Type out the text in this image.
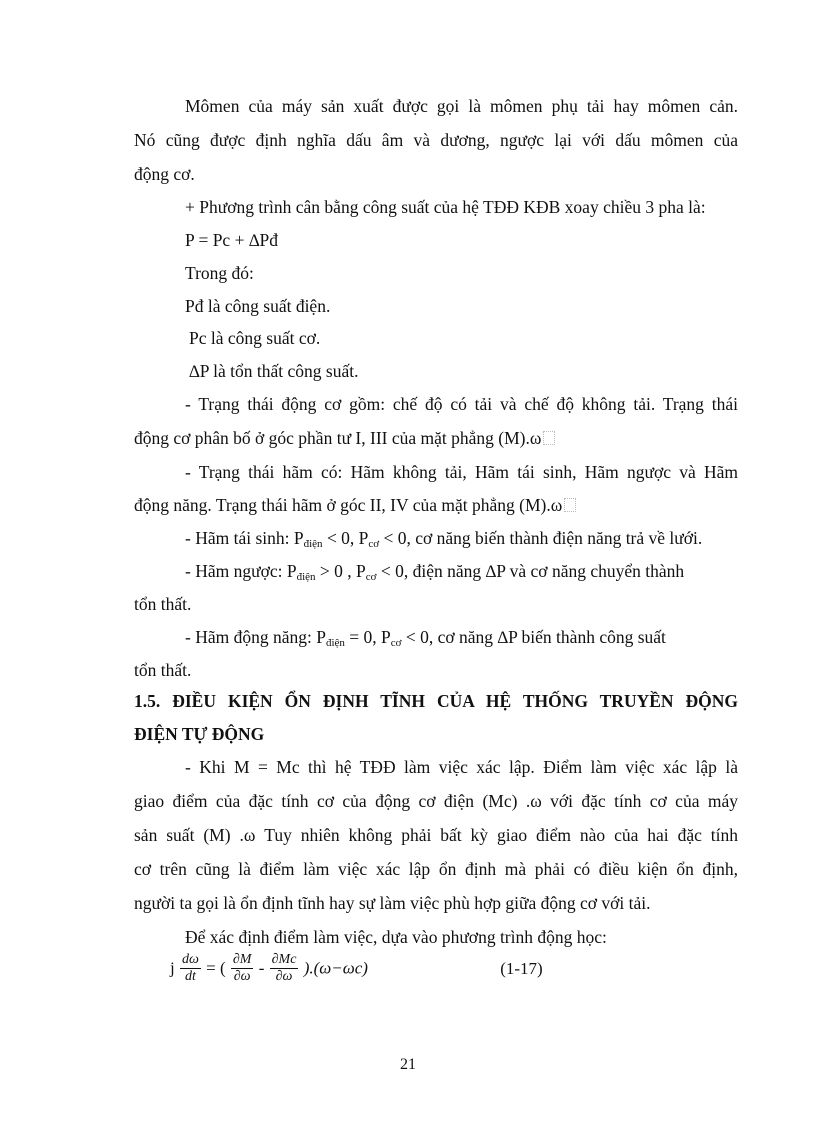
Mômen của máy sản xuất được gọi là mômen phụ tải hay mômen cản.

Nó cũng được định nghĩa dấu âm và dương, ngược lại với dấu mômen của

động cơ.

+ Phương trình cân bằng công suất của hệ TĐĐ KĐB xoay chiều 3 pha là:

P = Pc + ∆Pđ

Trong đó:

Pđ là công suất điện.

Pc là công suất cơ.

∆P là tổn thất công suất.

- Trạng thái động cơ gồm: chế độ có tải và chế độ không tải. Trạng thái

động cơ phân bố ở góc phần tư I, III của mặt phẳng (M).ω

- Trạng thái hãm có: Hãm không tải, Hãm tái sinh, Hãm ngược và Hãm

động năng. Trạng thái hãm ở góc II, IV của mặt phẳng (M).ω

- Hãm tái sinh: $P_{điện} < 0$, $P_{cơ} < 0$, cơ năng biến thành điện năng trả về lưới.

- Hãm ngược: $P_{điện} > 0$ , $P_{cơ} < 0$, điện năng ∆P và cơ năng chuyển thành

tổn thất.

- Hãm động năng: $P_{điện} = 0$, $P_{cơ} < 0$, cơ năng ∆P biến thành công suất

tổn thất.

1.5. ĐIỀU KIỆN ỔN ĐỊNH TĨNH CỦA HỆ THỐNG TRUYỀN ĐỘNG

ĐIỆN TỰ ĐỘNG

- Khi M = Mc thì hệ TĐĐ làm việc xác lập. Điểm làm việc xác lập là

giao điểm của đặc tính cơ của động cơ điện (Mc) .ω với đặc tính cơ của máy

sản suất (M) .ω Tuy nhiên không phải bất kỳ giao điểm nào của hai đặc tính

cơ trên cũng là điểm làm việc xác lập ổn định mà phải có điều kiện ổn định,

người ta gọi là ổn định tĩnh hay sự làm việc phù hợp giữa động cơ với tải.

Để xác định điểm làm việc, dựa vào phương trình động học:

j $\frac{d\omega}{dt}$ = ( $\frac{\partial M}{\partial\omega} - \frac{\partial Mc}{\partial\omega} ).(\omega-\omega c)$	(1-17)
21
